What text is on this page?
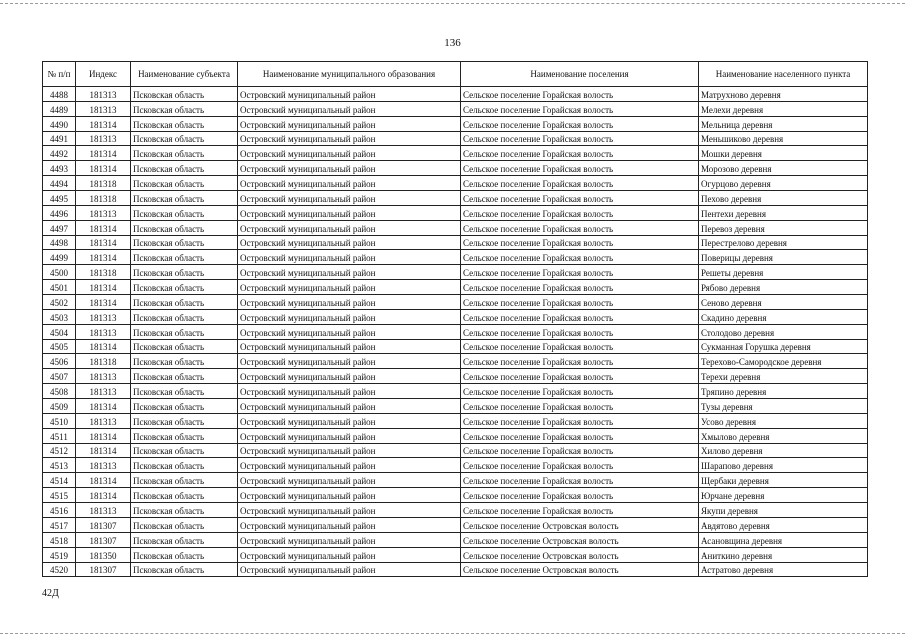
136
№ п/п	Индекс	Наименование субъекта	Наименование муниципального образования	Наименование поселения	Наименование населенного пункта
4488	181313	Псковская область	Островский муниципальный район	Сельское поселение Горайская волость	Матрухново деревня
4489	181313	Псковская область	Островский муниципальный район	Сельское поселение Горайская волость	Мелехи деревня
4490	181314	Псковская область	Островский муниципальный район	Сельское поселение Горайская волость	Мельница деревня
4491	181313	Псковская область	Островский муниципальный район	Сельское поселение Горайская волость	Меньшиково деревня
4492	181314	Псковская область	Островский муниципальный район	Сельское поселение Горайская волость	Мошки деревня
4493	181314	Псковская область	Островский муниципальный район	Сельское поселение Горайская волость	Морозово деревня
4494	181318	Псковская область	Островский муниципальный район	Сельское поселение Горайская волость	Огурцово деревня
4495	181318	Псковская область	Островский муниципальный район	Сельское поселение Горайская волость	Пехово деревня
4496	181313	Псковская область	Островский муниципальный район	Сельское поселение Горайская волость	Пентехи деревня
4497	181314	Псковская область	Островский муниципальный район	Сельское поселение Горайская волость	Перевоз деревня
4498	181314	Псковская область	Островский муниципальный район	Сельское поселение Горайская волость	Перестрелово деревня
4499	181314	Псковская область	Островский муниципальный район	Сельское поселение Горайская волость	Поверицы деревня
4500	181318	Псковская область	Островский муниципальный район	Сельское поселение Горайская волость	Решеты деревня
4501	181314	Псковская область	Островский муниципальный район	Сельское поселение Горайская волость	Рябово деревня
4502	181314	Псковская область	Островский муниципальный район	Сельское поселение Горайская волость	Сеново деревня
4503	181313	Псковская область	Островский муниципальный район	Сельское поселение Горайская волость	Скадино деревня
4504	181313	Псковская область	Островский муниципальный район	Сельское поселение Горайская волость	Столодово деревня
4505	181314	Псковская область	Островский муниципальный район	Сельское поселение Горайская волость	Сукманная Горушка деревня
4506	181318	Псковская область	Островский муниципальный район	Сельское поселение Горайская волость	Терехово-Самородское деревня
4507	181313	Псковская область	Островский муниципальный район	Сельское поселение Горайская волость	Терехи деревня
4508	181313	Псковская область	Островский муниципальный район	Сельское поселение Горайская волость	Тряпино деревня
4509	181314	Псковская область	Островский муниципальный район	Сельское поселение Горайская волость	Тузы деревня
4510	181313	Псковская область	Островский муниципальный район	Сельское поселение Горайская волость	Усово деревня
4511	181314	Псковская область	Островский муниципальный район	Сельское поселение Горайская волость	Хмылово деревня
4512	181314	Псковская область	Островский муниципальный район	Сельское поселение Горайская волость	Хилово деревня
4513	181313	Псковская область	Островский муниципальный район	Сельское поселение Горайская волость	Шарапово деревня
4514	181314	Псковская область	Островский муниципальный район	Сельское поселение Горайская волость	Щербаки деревня
4515	181314	Псковская область	Островский муниципальный район	Сельское поселение Горайская волость	Юрчане деревня
4516	181313	Псковская область	Островский муниципальный район	Сельское поселение Горайская волость	Якупи деревня
4517	181307	Псковская область	Островский муниципальный район	Сельское поселение Островская волость	Авдятово деревня
4518	181307	Псковская область	Островский муниципальный район	Сельское поселение Островская волость	Асановщина деревня
4519	181350	Псковская область	Островский муниципальный район	Сельское поселение Островская волость	Аниткино деревня
4520	181307	Псковская область	Островский муниципальный район	Сельское поселение Островская волость	Астратово деревня
42Д
